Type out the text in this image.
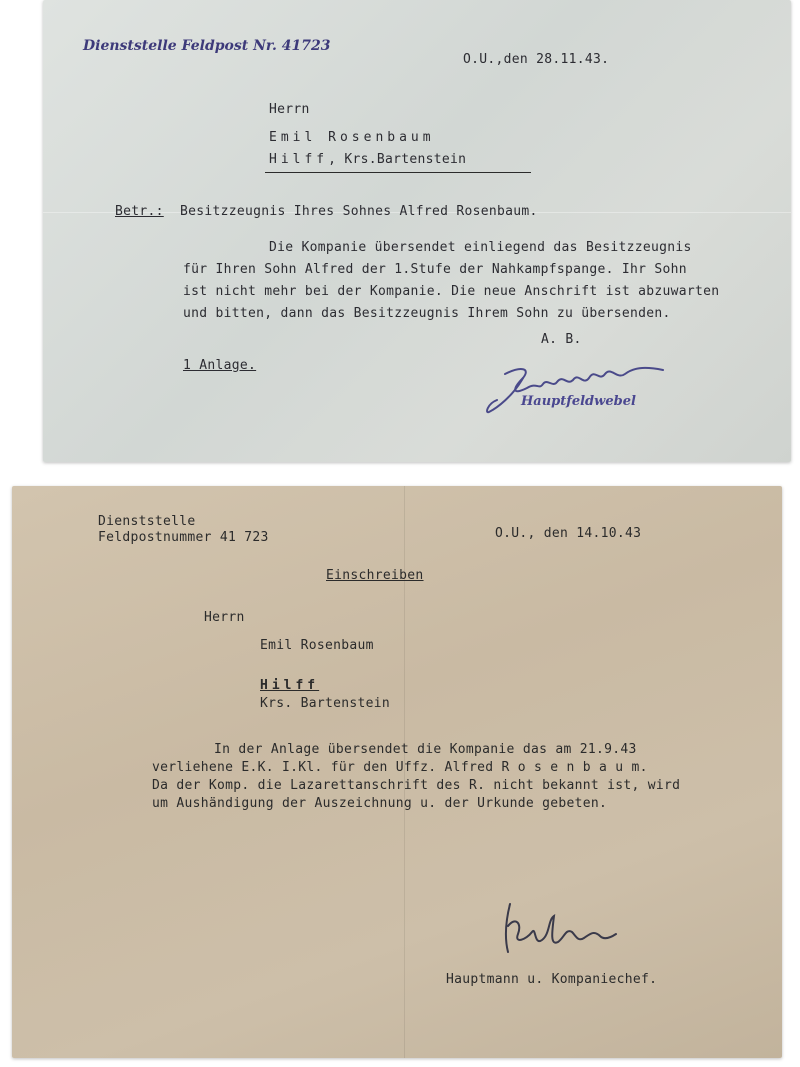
Dienststelle Feldpost Nr. 41723
O.U.,den 28.11.43.
Herrn
Emil Rosenbaum
Hilff, Krs.Bartenstein
Betr.: Besitzzeugnis Ihres Sohnes Alfred Rosenbaum.
Die Kompanie übersendet einliegend das Besitzzeugnis
für Ihren Sohn Alfred der 1.Stufe der Nahkampfspange. Ihr Sohn
ist nicht mehr bei der Kompanie. Die neue Anschrift ist abzuwarten
und bitten, dann das Besitzzeugnis Ihrem Sohn zu übersenden.
A. B.
1 Anlage.
Hauptfeldwebel
Dienststelle
Feldpostnummer 41 723	O.U., den 14.10.43
Einschreiben
Herrn
Emil Rosenbaum
Hilff
Krs. Bartenstein
In der Anlage übersendet die Kompanie das am 21.9.43
verliehene E.K. I.Kl. für den Uffz. Alfred R o s e n b a u m.
Da der Komp. die Lazarettanschrift des R. nicht bekannt ist, wird
um Aushändigung der Auszeichnung u. der Urkunde gebeten.
Hauptmann u. Kompaniechef.
